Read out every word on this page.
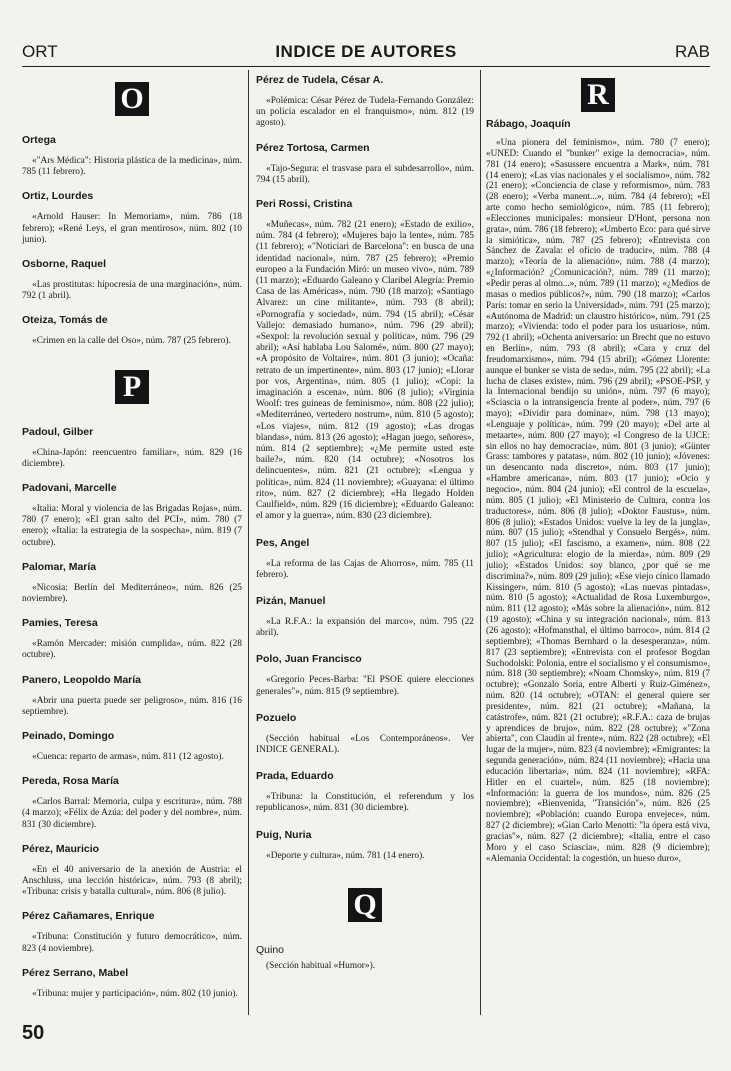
ORT	INDICE DE AUTORES	RAB
O
Ortega

«"Ars Médica": Historia plástica de la medicina», núm. 785 (11 febrero).

Ortiz, Lourdes

«Arnold Hauser: In Memoriam», núm. 786 (18 febrero); «René Leys, el gran mentiroso», núm. 802 (10 junio).

Osborne, Raquel

«Las prostitutas: hipocresía de una marginación», núm. 792 (1 abril).

Oteiza, Tomás de

«Crimen en la calle del Oso», núm. 787 (25 febrero).

P
Padoul, Gilber

«China-Japón: reencuentro familiar», núm. 829 (16 diciembre).

Padovani, Marcelle

«Italia: Moral y violencia de las Brigadas Rojas», núm. 780 (7 enero); «El gran salto del PCI», núm. 780 (7 enero); «Italia: la estrategia de la sospecha», núm. 819 (7 octubre).

Palomar, María

«Nicosia: Berlín del Mediterráneo», núm. 826 (25 noviembre).

Pamies, Teresa

«Ramón Mercader: misión cumplida», núm. 822 (28 octubre).

Panero, Leopoldo María

«Abrir una puerta puede ser peligroso», núm. 816 (16 septiembre).

Peinado, Domingo

«Cuenca: reparto de armas», núm. 811 (12 agosto).

Pereda, Rosa María

«Carlos Barral: Memoria, culpa y escritura», núm. 788 (4 marzo); «Félix de Azúa: del poder y del nombre», núm. 831 (30 diciembre).

Pérez, Mauricio

«En el 40 aniversario de la anexión de Austria: el Anschluss, una lección histórica», núm. 793 (8 abril); «Tribuna: crisis y batalla cultural», núm. 806 (8 julio).

Pérez Cañamares, Enrique

«Tribuna: Constitución y futuro democrático», núm. 823 (4 noviembre).

Pérez Serrano, Mabel

«Tribuna: mujer y participación», núm. 802 (10 junio).

Pérez de Tudela, César A.

«Polémica: César Pérez de Tudela-Fernando González: un policía escalador en el franquismo», núm. 812 (19 agosto).

Pérez Tortosa, Carmen

«Tajo-Segura: el trasvase para el subdesarrollo», núm. 794 (15 abril).

Peri Rossi, Cristina

«Muñecas», núm. 782 (21 enero); «Estado de exilio», núm. 784 (4 febrero); «Mujeres bajo la lente», núm. 785 (11 febrero); «"Noticiari de Barcelona": en busca de una identidad nacional», núm. 787 (25 febrero); «Premio europeo a la Fundación Miró: un museo vivo», núm. 789 (11 marzo); «Eduardo Galeano y Claribel Alegría: Premio Casa de las Américas», núm. 790 (18 marzo); «Santiago Alvarez: un cine militante», núm. 793 (8 abril); «Pornografía y sociedad», núm. 794 (15 abril); «César Vallejo: demasiado humano», núm. 796 (29 abril); «Sexpol: la revolución sexual y política», núm. 796 (29 abril); «Así hablaba Lou Salomé», núm. 800 (27 mayo); «A propósito de Voltaire», núm. 801 (3 junio); «Ocaña: retrato de un impertinente», núm. 803 (17 junio); «Llorar por vos, Argentina», núm. 805 (1 julio); «Copi: la imaginación a escena», núm. 806 (8 julio); «Virginia Woolf: tres guineas de feminismo», núm. 808 (22 julio); «Mediterráneo, vertedero nostrum», núm. 810 (5 agosto); «Los viajes», núm. 812 (19 agosto); «Las drogas blandas», núm. 813 (26 agosto); «Hagan juego, señores», núm. 814 (2 septiembre); «¿Me permite usted este baile?», núm. 820 (14 octubre); «Nosotros los delincuentes», núm. 821 (21 octubre); «Lengua y política», núm. 824 (11 noviembre); «Guayana: el último rito», núm. 827 (2 diciembre); «Ha llegado Holden Caulfield», núm. 829 (16 diciembre); «Eduardo Galeano: el amor y la guerra», núm. 830 (23 diciembre).

Pes, Angel

«La reforma de las Cajas de Ahorros», núm. 785 (11 febrero).

Pizán, Manuel

«La R.F.A.: la expansión del marco», núm. 795 (22 abril).

Polo, Juan Francisco

«Gregorio Peces-Barba: "El PSOE quiere elecciones generales"», núm. 815 (9 septiembre).

Pozuelo

(Sección habitual «Los Contemporáneos». Ver INDICE GENERAL).

Prada, Eduardo

«Tribuna: la Constitución, el referendum y los republicanos», núm. 831 (30 diciembre).

Puig, Nuria

«Deporte y cultura», núm. 781 (14 enero).

Q
Quino

(Sección habitual «Humor»).

R
Rábago, Joaquín

«Una pionera del feminismo», núm. 780 (7 enero); «UNED: Cuando el "bunker" exige la democracia», núm. 781 (14 enero); «Sasussere encuentra a Mark», núm. 781 (14 enero); «Las vías nacionales y el socialismo», núm. 782 (21 enero); «Conciencia de clase y reformismo», núm. 783 (28 enero); «Verba manent...», núm. 784 (4 febrero); «El arte como hecho semiológico», núm. 785 (11 febrero); «Elecciones municipales: monsieur D'Hont, persona non grata», núm. 786 (18 febrero); «Umberto Eco: para qué sirve la simiótica», núm. 787 (25 febrero); «Entrevista con Sánchez de Zavala: el oficio de traducir», núm. 788 (4 marzo); «Teoría de la alienación», núm. 788 (4 marzo); «¿Información? ¿Comunicación?, núm. 789 (11 marzo); «Pedir peras al olmo...», núm. 789 (11 marzo); «¿Medios de masas o medios públicos?», núm. 790 (18 marzo); «Carlos París: tomar en serio la Universidad», núm. 791 (25 marzo); «Autónoma de Madrid: un claustro histórico», núm. 791 (25 marzo); «Vivienda: todo el poder para los usuarios», núm. 792 (1 abril); «Ochenta aniversario: un Brecht que no estuvo en Berlín», núm. 793 (8 abril); «Cara y cruz del freudomarxismo», núm. 794 (15 abril); «Gómez Llorente: aunque el bunker se vista de seda», núm. 795 (22 abril); «La lucha de clases existe», núm. 796 (29 abril); «PSOE-PSP, y la Internacional bendijo su unión», núm. 797 (6 mayo); «Sciascia o la intransigencia frente al poder», núm. 797 (6 mayo); «Dividir para dominar», núm. 798 (13 mayo); «Lenguaje y política», núm. 799 (20 mayo); «Del arte al metaarte», núm. 800 (27 mayo); «I Congreso de la UJCE: sin ellos no hay democracia», núm. 801 (3 junio); «Günter Grass: tambores y patatas», núm. 802 (10 junio); «Jóvenes: un desencanto nada discreto», núm. 803 (17 junio); «Hambre americana», núm. 803 (17 junio); «Ocio y negocio», núm. 804 (24 junio); «El control de la escuela», núm. 805 (1 julio); «El Ministerio de Cultura, contra los traductores», núm. 806 (8 julio); «Doktor Faustus», núm. 806 (8 julio); «Estados Unidos: vuelve la ley de la jungla», núm. 807 (15 julio); «Stendhal y Consuelo Bergés», núm. 807 (15 julio); «El fascismo, a examen», núm. 808 (22 julio); «Agricultura: elogio de la mierda», núm. 809 (29 julio); «Estados Unidos: soy blanco, ¿por qué se me discrimina?», núm. 809 (29 julio); «Ese viejo cínico llamado Kissinger», núm. 810 (5 agosto); «Las nuevas pintadas», núm. 810 (5 agosto); «Actualidad de Rosa Luxemburgo», núm. 811 (12 agosto); «Más sobre la alienación», núm. 812 (19 agosto); «China y su integración nacional», núm. 813 (26 agosto); «Hofmansthal, el último barroco», núm. 814 (2 septiembre); «Thomas Bernhard o la desesperanza», núm. 817 (23 septiembre); «Entrevista con el profesor Bogdan Suchodolski: Polonia, entre el socialismo y el consumismo», núm. 818 (30 septiembre); «Noam Chomsky», núm. 819 (7 octubre); «Gonzalo Soria, entre Alberti y Ruiz-Giménez», núm. 820 (14 octubre); «OTAN: el general quiere ser presidente», núm. 821 (21 octubre); «Mañana, la catástrofe», núm. 821 (21 octubre); «R.F.A.: caza de brujas y aprendices de brujo», núm. 822 (28 octubre); «"Zona abierta", con Claudín al frente», núm. 822 (28 octubre); «El lugar de la mujer», núm. 823 (4 noviembre); «Emigrantes: la segunda generación», núm. 824 (11 noviembre); «Hacia una educación libertaria», núm. 824 (11 noviembre); «RFA: Hitler en el cuartel», núm. 825 (18 noviembre); «Información: la guerra de los mundos», núm. 826 (25 noviembre); «Bienvenida, "Transición"», núm. 826 (25 noviembre); «Población: cuando Europa envejece», núm. 827 (2 diciembre); «Gian Carlo Menotti: "la ópera está viva, gracias"», núm. 827 (2 diciembre); «Italia, entre el caso Moro y el caso Sciascia», núm. 828 (9 diciembre); «Alemania Occidental: la cogestión, un hueso duro»,

50
